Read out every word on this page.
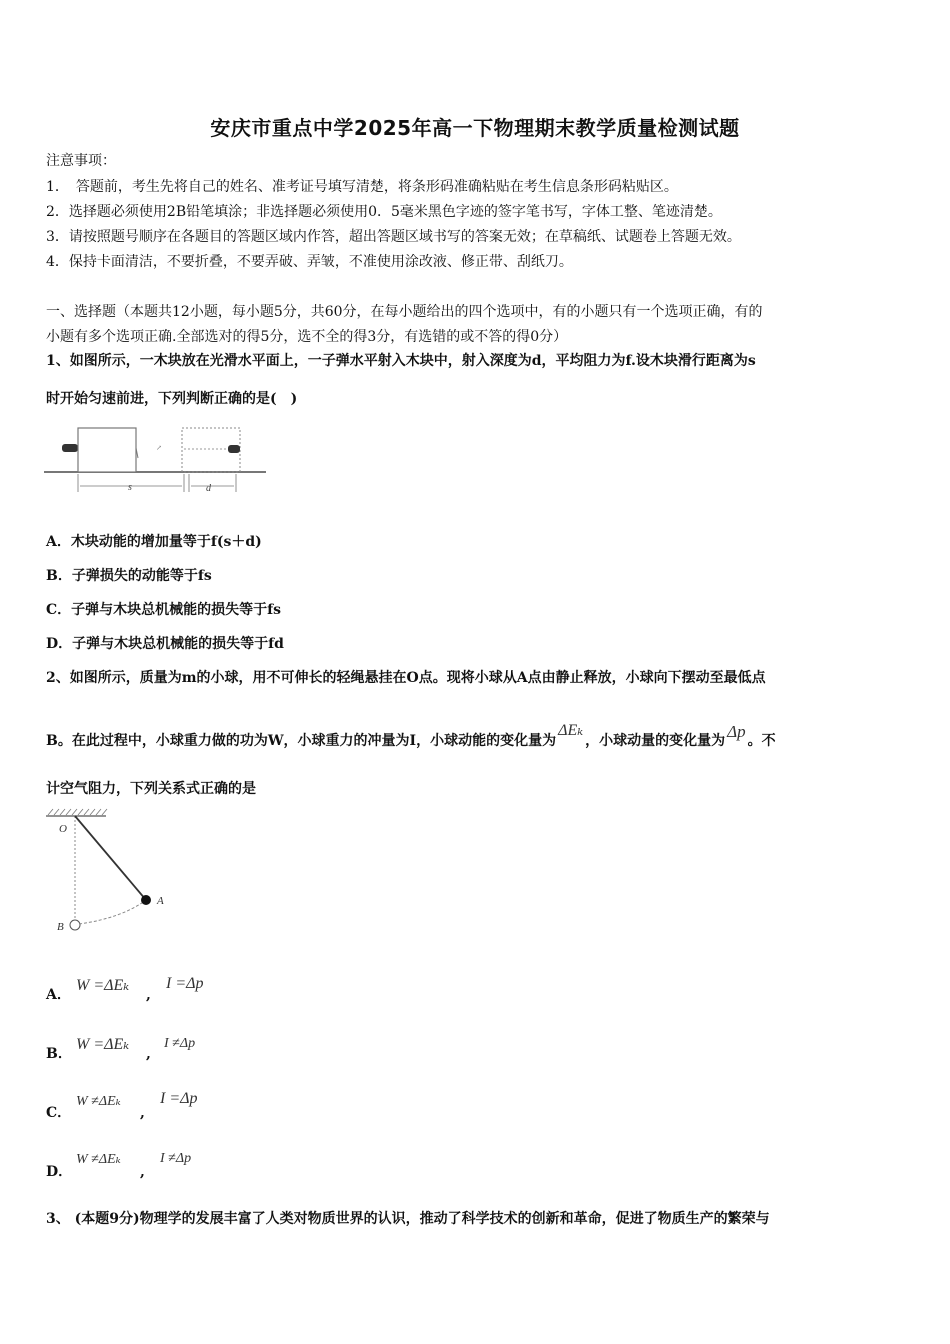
安庆市重点中学2025年高一下物理期末教学质量检测试题
注意事项：
1．　答题前，考生先将自己的姓名、准考证号填写清楚，将条形码准确粘贴在考生信息条形码粘贴区。
2．选择题必须使用2B铅笔填涂；非选择题必须使用0．5毫米黑色字迹的签字笔书写，字体工整、笔迹清楚。
3．请按照题号顺序在各题目的答题区域内作答，超出答题区域书写的答案无效；在草稿纸、试题卷上答题无效。
4．保持卡面清洁，不要折叠，不要弄破、弄皱，不准使用涂改液、修正带、刮纸刀。
一、选择题（本题共12小题，每小题5分，共60分，在每小题给出的四个选项中，有的小题只有一个选项正确，有的
小题有多个选项正确.全部选对的得5分，选不全的得3分，有选错的或不答的得0分）
1、如图所示，一木块放在光滑水平面上，一子弹水平射入木块中，射入深度为d，平均阻力为f.设木块滑行距离为s
时开始匀速前进，下列判断正确的是(　)
↗
s	d
A．木块动能的增加量等于f(s＋d)
B．子弹损失的动能等于fs
C．子弹与木块总机械能的损失等于fs
D．子弹与木块总机械能的损失等于fd
2、如图所示，质量为m的小球，用不可伸长的轻绳悬挂在O点。现将小球从A点由静止释放，小球向下摆动至最低点
B。在此过程中，小球重力做的功为W，小球重力的冲量为I，小球动能的变化量为ΔEₖ，小球动量的变化量为 Δp 。不
计空气阻力，下列关系式正确的是
O
A
B
A．
W =ΔEₖ
,
I =Δp
B．
W =ΔEₖ
,
I ≠Δp
C．
W ≠ΔEₖ
,
I =Δp
D．
W ≠ΔEₖ
,
I ≠Δp
3、 (本题9分)物理学的发展丰富了人类对物质世界的认识，推动了科学技术的创新和革命，促进了物质生产的繁荣与
